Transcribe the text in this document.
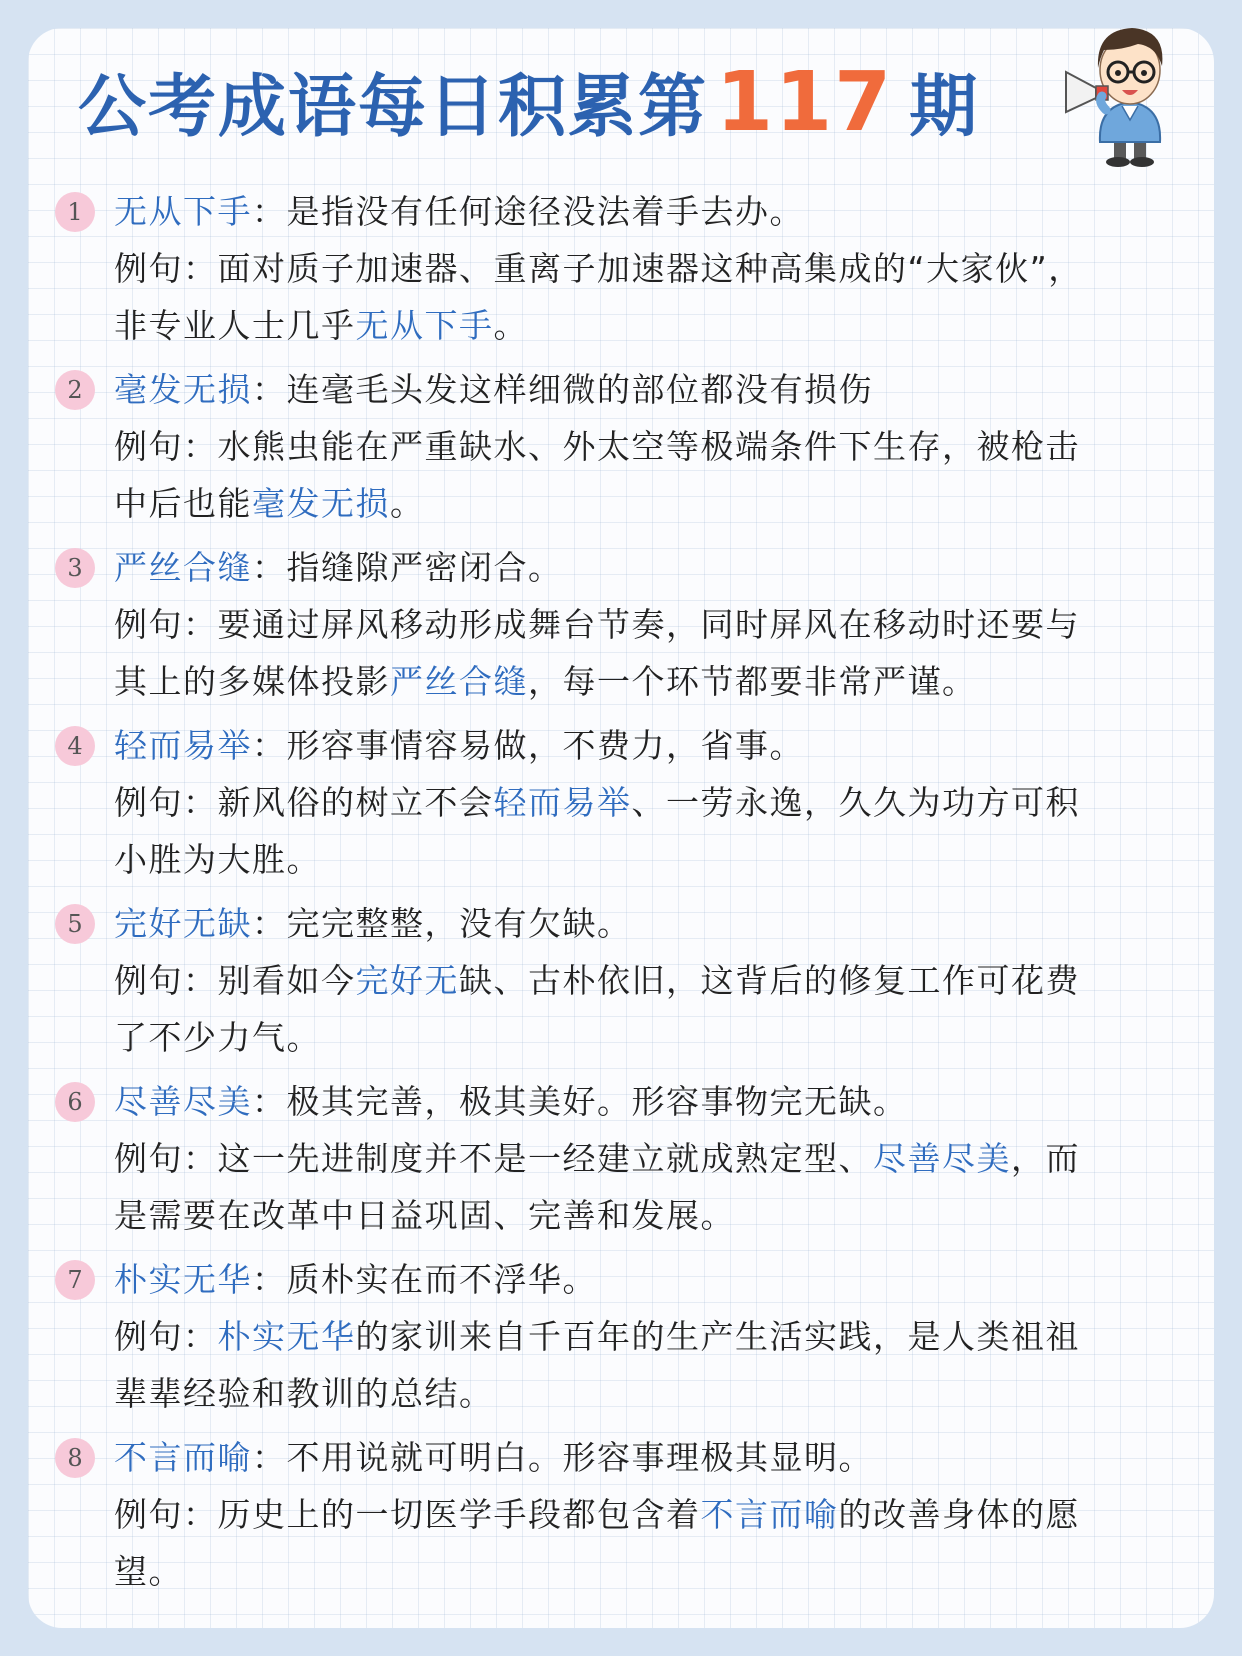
公考成语每日积累第117 期
1 无从下手：是指没有任何途径没法着手去办。
例句：面对质子加速器、重离子加速器这种高集成的“大家伙”，
非专业人士几乎无从下手。
2 毫发无损：连毫毛头发这样细微的部位都没有损伤
例句：水熊虫能在严重缺水、外太空等极端条件下生存，被枪击
中后也能毫发无损。
3 严丝合缝：指缝隙严密闭合。
例句：要通过屏风移动形成舞台节奏，同时屏风在移动时还要与
其上的多媒体投影严丝合缝，每一个环节都要非常严谨。
4 轻而易举：形容事情容易做，不费力，省事。
例句：新风俗的树立不会轻而易举、一劳永逸，久久为功方可积
小胜为大胜。
5 完好无缺：完完整整，没有欠缺。
例句：别看如今完好无缺、古朴依旧，这背后的修复工作可花费
了不少力气。
6 尽善尽美：极其完善，极其美好。形容事物完无缺。
例句：这一先进制度并不是一经建立就成熟定型、尽善尽美，而
是需要在改革中日益巩固、完善和发展。
7 朴实无华：质朴实在而不浮华。
例句：朴实无华的家训来自千百年的生产生活实践，是人类祖祖
辈辈经验和教训的总结。
8 不言而喻：不用说就可明白。形容事理极其显明。
例句：历史上的一切医学手段都包含着不言而喻的改善身体的愿
望。
